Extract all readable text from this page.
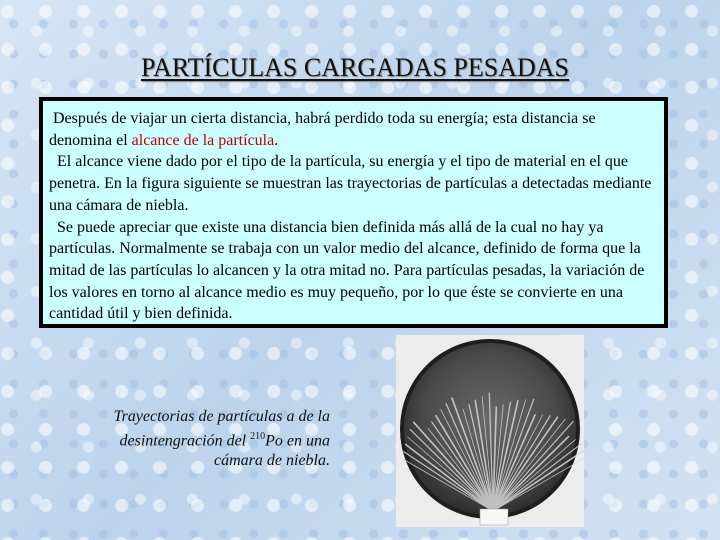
PARTÍCULAS CARGADAS PESADAS

Después de viajar un cierta distancia, habrá perdido toda su energía; esta distancia se denomina el alcance de la partícula.

El alcance viene dado por el tipo de la partícula, su energía y el tipo de material en el que penetra. En la figura siguiente se muestran las trayectorias de partículas a detectadas mediante una cámara de niebla.

Se puede apreciar que existe una distancia bien definida más allá de la cual no hay ya partículas. Normalmente se trabaja con un valor medio del alcance, definido de forma que la mitad de las partículas lo alcancen y la otra mitad no. Para partículas pesadas, la variación de los valores en torno al alcance medio es muy pequeño, por lo que éste se convierte en una cantidad útil y bien definida.

Trayectorias de partículas a de la desintengración del $^{210}$Po en una cámara de niebla.
